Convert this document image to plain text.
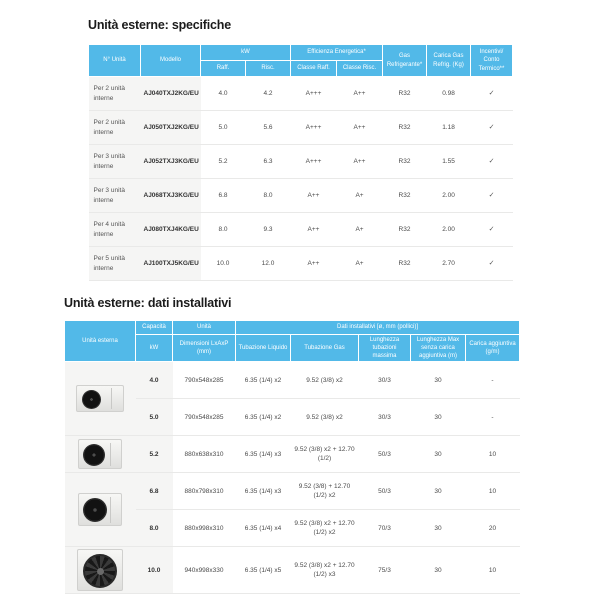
Unità esterne: specifiche
N° Unità	Modello	kW		Efficienza Energetica*		Gas Refrigerante*	Carica Gas Refrig. (Kg)	Incentivi/ Conto Termico**
		Raff.	Risc.	Classe Raff.	Classe Risc.			
Per 2 unità interne	AJ040TXJ2KG/EU	4.0	4.2	A+++	A++	R32	0.98	✓
Per 2 unità interne	AJ050TXJ2KG/EU	5.0	5.6	A+++	A++	R32	1.18	✓
Per 3 unità interne	AJ052TXJ3KG/EU	5.2	6.3	A+++	A++	R32	1.55	✓
Per 3 unità interne	AJ068TXJ3KG/EU	6.8	8.0	A++	A+	R32	2.00	✓
Per 4 unità interne	AJ080TXJ4KG/EU	8.0	9.3	A++	A+	R32	2.00	✓
Per 5 unità interne	AJ100TXJ5KG/EU	10.0	12.0	A++	A+	R32	2.70	✓
Unità esterne: dati installativi
Unità esterna	Capacità	Unità	Dati installativi [ø, mm (pollici)]				
	kW	Dimensioni LxAxP (mm)	Tubazione Liquido	Tubazione Gas	Lunghezza tubazioni massima	Lunghezza Max senza carica aggiuntiva (m)	Carica aggiuntiva (g/m)

	4.0	790x548x285	6.35 (1/4) x2	9.52 (3/8) x2	30/3	30	-
	5.0	790x548x285	6.35 (1/4) x2	9.52 (3/8) x2	30/3	30	-

	5.2	880x638x310	6.35 (1/4) x3	9.52 (3/8) x2 + 12.70 (1/2)	50/3	30	10

	6.8	880x798x310	6.35 (1/4) x3	9.52 (3/8) + 12.70 (1/2) x2	50/3	30	10
	8.0	880x998x310	6.35 (1/4) x4	9.52 (3/8) x2 + 12.70 (1/2) x2	70/3	30	20

	10.0	940x998x330	6.35 (1/4) x5	9.52 (3/8) x2 + 12.70 (1/2) x3	75/3	30	10
